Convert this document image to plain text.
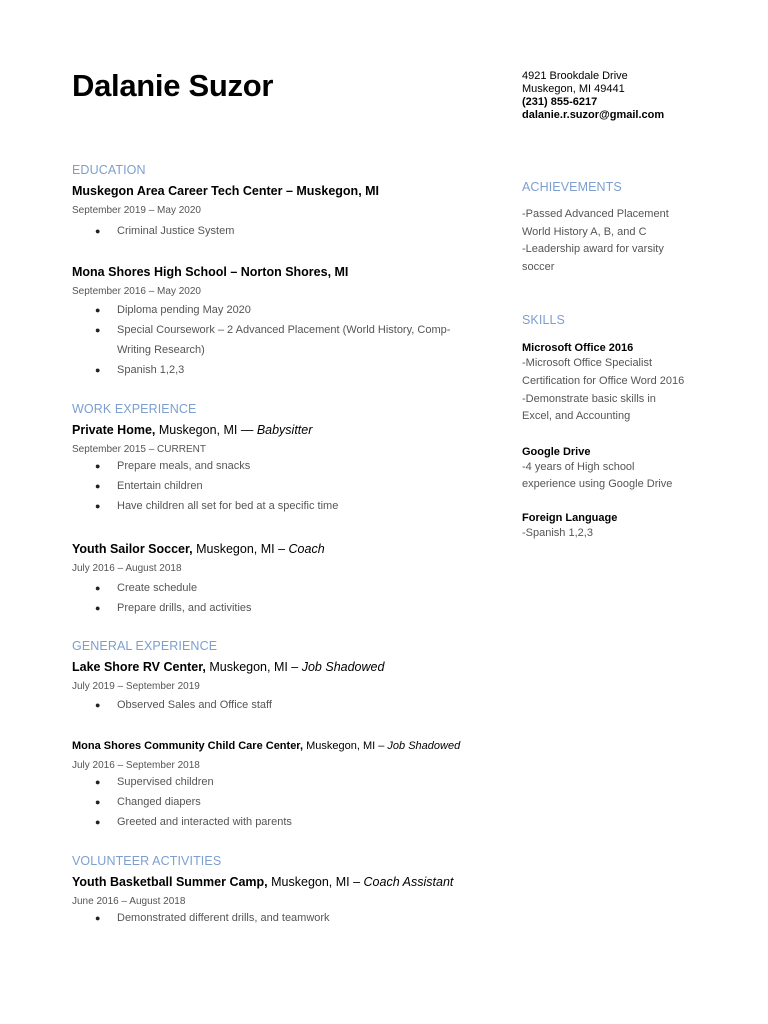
Dalanie Suzor	4921 Brookdale Drive
Muskegon, MI 49441
(231) 855-6217
dalanie.r.suzor@gmail.com
EDUCATION
Muskegon Area Career Tech Center – Muskegon, MI
September 2019 – May 2020
● Criminal Justice System
Mona Shores High School – Norton Shores, MI
September 2016 – May 2020
● Diploma pending May 2020
● Special Coursework – 2 Advanced Placement (World History, Comp-
Writing Research)
● Spanish 1,2,3
WORK EXPERIENCE
Private Home, Muskegon, MI — Babysitter
September 2015 – CURRENT
● Prepare meals, and snacks
● Entertain children
● Have children all set for bed at a specific time
Youth Sailor Soccer, Muskegon, MI – Coach
July 2016 – August 2018
● Create schedule
● Prepare drills, and activities
GENERAL EXPERIENCE
Lake Shore RV Center, Muskegon, MI – Job Shadowed
July 2019 – September 2019
● Observed Sales and Office staff
Mona Shores Community Child Care Center, Muskegon, MI – Job Shadowed
July 2016 – September 2018
● Supervised children
● Changed diapers
● Greeted and interacted with parents
VOLUNTEER ACTIVITIES
Youth Basketball Summer Camp, Muskegon, MI – Coach Assistant
June 2016 – August 2018
● Demonstrated different drills, and teamwork
ACHIEVEMENTS
-Passed Advanced Placement
World History A, B, and C
-Leadership award for varsity
soccer
SKILLS
Microsoft Office 2016
-Microsoft Office Specialist
Certification for Office Word 2016
-Demonstrate basic skills in
Excel, and Accounting
Google Drive
-4 years of High school
experience using Google Drive
Foreign Language
-Spanish 1,2,3
